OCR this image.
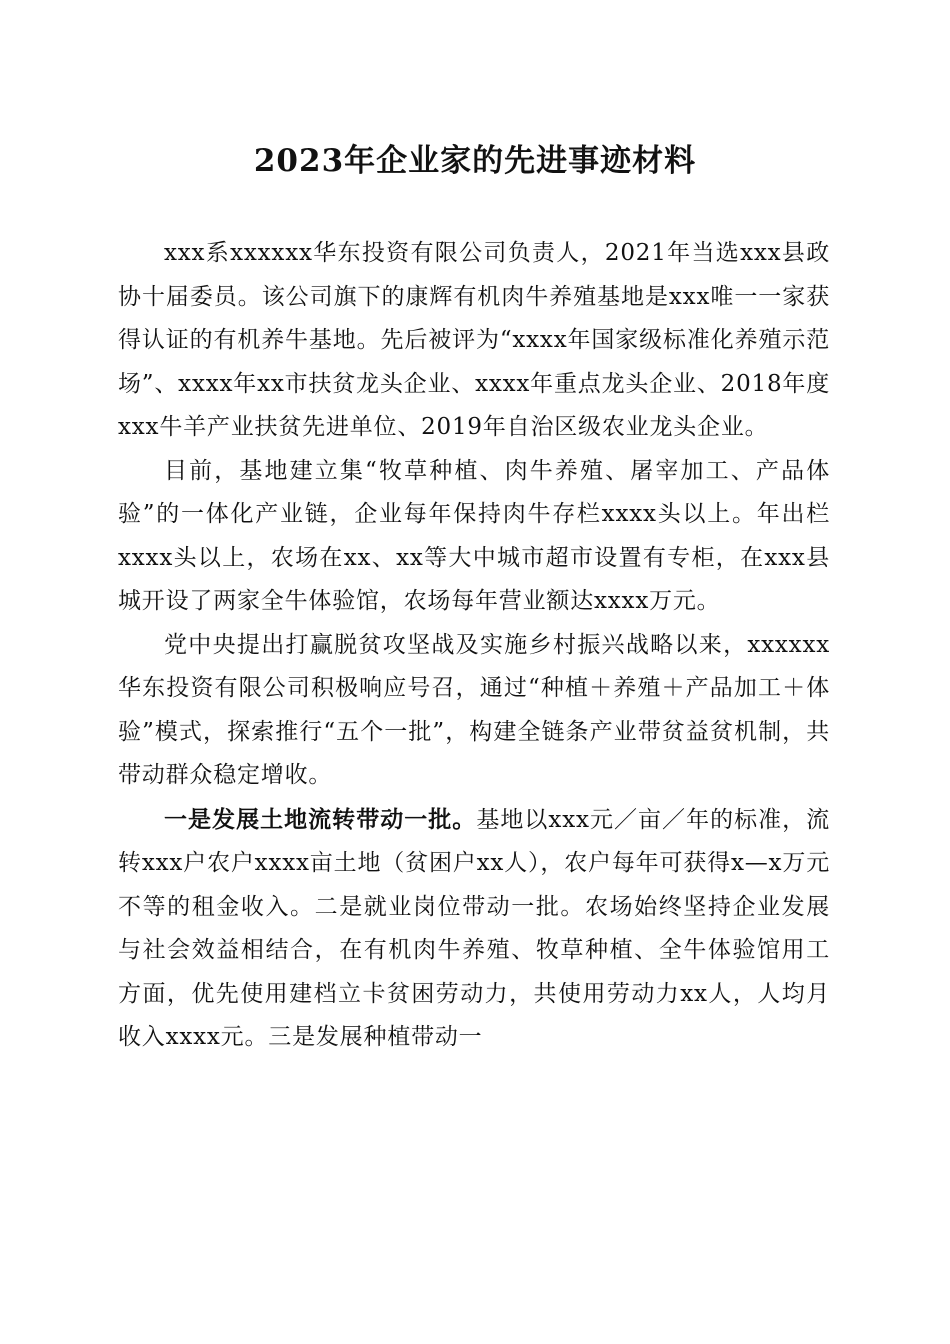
2023年企业家的先进事迹材料

xxx系xxxxxx华东投资有限公司负责人，2021年当选xxx县政协十届委员。该公司旗下的康辉有机肉牛养殖基地是xxx唯一一家获得认证的有机养牛基地。先后被评为“xxxx年国家级标准化养殖示范场”、xxxx年xx市扶贫龙头企业、xxxx年重点龙头企业、2018年度xxx牛羊产业扶贫先进单位、2019年自治区级农业龙头企业。

目前，基地建立集“牧草种植、肉牛养殖、屠宰加工、产品体验”的一体化产业链，企业每年保持肉牛存栏xxxx头以上。年出栏xxxx头以上，农场在xx、xx等大中城市超市设置有专柜，在xxx县城开设了两家全牛体验馆，农场每年营业额达xxxx万元。

党中央提出打赢脱贫攻坚战及实施乡村振兴战略以来，xxxxxx华东投资有限公司积极响应号召，通过“种植＋养殖＋产品加工＋体验”模式，探索推行“五个一批”，构建全链条产业带贫益贫机制，共带动群众稳定增收。

一是发展土地流转带动一批。基地以xxx元／亩／年的标准，流转xxx户农户xxxx亩土地（贫困户xx人），农户每年可获得x—x万元不等的租金收入。二是就业岗位带动一批。农场始终坚持企业发展与社会效益相结合，在有机肉牛养殖、牧草种植、全牛体验馆用工方面，优先使用建档立卡贫困劳动力，共使用劳动力xx人，人均月收入xxxx元。三是发展种植带动一
